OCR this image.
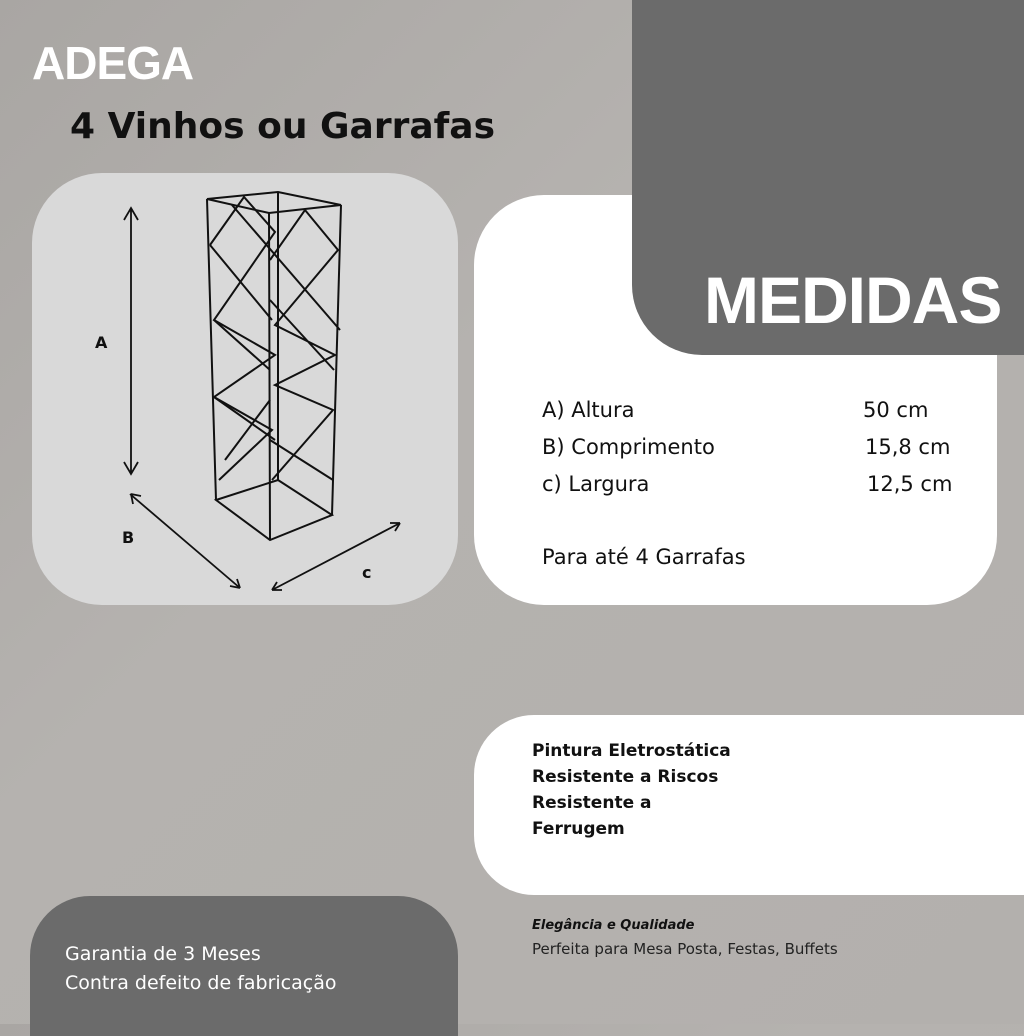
ADEGA
4 Vinhos ou Garrafas
A
B
c
MEDIDAS
A) Altura	50 cm
B) Comprimento	15,8 cm
c) Largura	12,5 cm
Para até 4 Garrafas
Pintura Eletrostática
Resistente a Riscos
Resistente a
Ferrugem
Elegância e Qualidade
Perfeita para Mesa Posta, Festas, Buffets
Garantia de 3 Meses
Contra defeito de fabricação
